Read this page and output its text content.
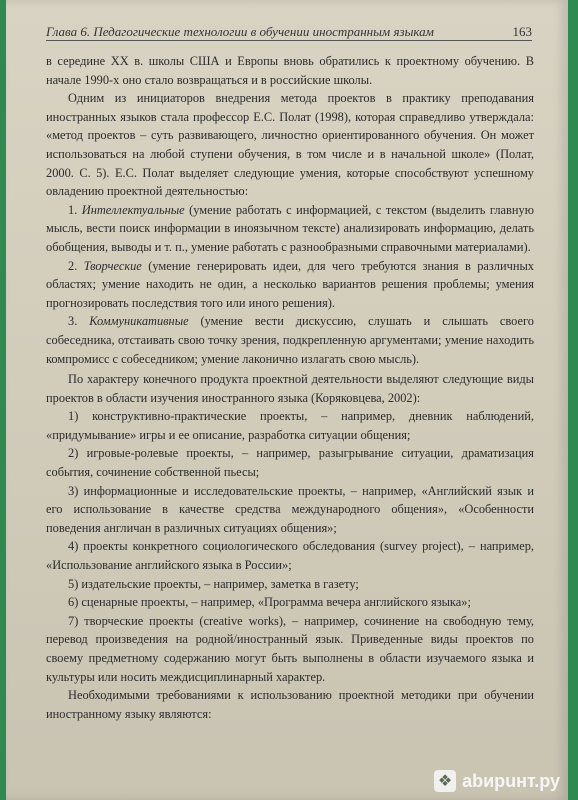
Глава 6. Педагогические технологии в обучении иностранным языкам	163

в середине XX в. школы США и Европы вновь обратились к проектному обучению. В начале 1990-х оно стало возвращаться и в российские школы.

Одним из инициаторов внедрения метода проектов в практику преподавания иностранных языков стала профессор Е.С. Полат (1998), которая справедливо утверждала: «метод проектов – суть развивающего, личностно ориентированного обучения. Он может использоваться на любой ступени обучения, в том числе и в начальной школе» (Полат, 2000. С. 5). Е.С. Полат выделяет следующие умения, которые способствуют успешному овладению проектной деятельностью:

1. Интеллектуальные (умение работать с информацией, с текстом (выделить главную мысль, вести поиск информации в иноязычном тексте) анализировать информацию, делать обобщения, выводы и т. п., умение работать с разнообразными справочными материалами).

2. Творческие (умение генерировать идеи, для чего требуются знания в различных областях; умение находить не один, а несколько вариантов решения проблемы; умения прогнозировать последствия того или иного решения).

3. Коммуникативные (умение вести дискуссию, слушать и слышать своего собеседника, отстаивать свою точку зрения, подкрепленную аргументами; умение находить компромисс с собеседником; умение лаконично излагать свою мысль).

По характеру конечного продукта проектной деятельности выделяют следующие виды проектов в области изучения иностранного языка (Коряковцева, 2002):

1) конструктивно-практические проекты, – например, дневник наблюдений, «придумывание» игры и ее описание, разработка ситуации общения;

2) игровые-ролевые проекты, – например, разыгрывание ситуации, драматизация события, сочинение собственной пьесы;

3) информационные и исследовательские проекты, – например, «Английский язык и его использование в качестве средства международного общения», «Особенности поведения англичан в различных ситуациях общения»;

4) проекты конкретного социологического обследования (survey project), – например, «Использование английского языка в России»;

5) издательские проекты, – например, заметка в газету;

6) сценарные проекты, – например, «Программа вечера английского языка»;

7) творческие проекты (creative works), – например, сочинение на свободную тему, перевод произведения на родной/иностранный язык. Приведенные виды проектов по своему предметному содержанию могут быть выполнены в области изучаемого языка и культуры или носить междисциплинарный характер.

Необходимыми требованиями к использованию проектной методики при обучении иностранному языку являются:

❖ abирuнт.ру
